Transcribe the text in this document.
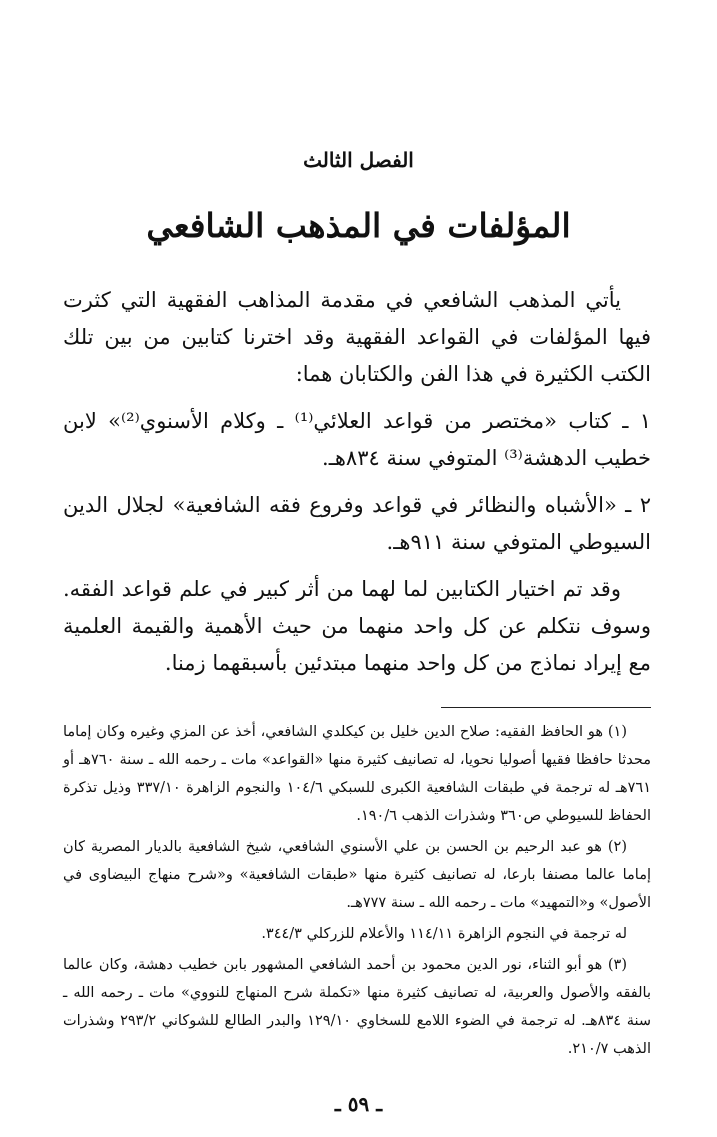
الفصل الثالث
المؤلفات في المذهب الشافعي

يأتي المذهب الشافعي في مقدمة المذاهب الفقهية التي كثرت فيها المؤلفات في القواعد الفقهية وقد اخترنا كتابين من بين تلك الكتب الكثيرة في هذا الفن والكتابان هما:

١ ـ كتاب «مختصر من قواعد العلائي⁽¹⁾ ـ وكلام الأسنوي⁽²⁾» لابن خطيب الدهشة⁽³⁾ المتوفي سنة ٨٣٤هـ.

٢ ـ «الأشباه والنظائر في قواعد وفروع فقه الشافعية» لجلال الدين السيوطي المتوفي سنة ٩١١هـ.

وقد تم اختيار الكتابين لما لهما من أثر كبير في علم قواعد الفقه. وسوف نتكلم عن كل واحد منهما من حيث الأهمية والقيمة العلمية مع إيراد نماذج من كل واحد منهما مبتدئين بأسبقهما زمنا.

(١) هو الحافظ الفقيه: صلاح الدين خليل بن كيكلدي الشافعي، أخذ عن المزي وغيره وكان إماما محدثا حافظا فقيها أصوليا نحويا، له تصانيف كثيرة منها «القواعد» مات ـ رحمه الله ـ سنة ٧٦٠هـ أو ٧٦١هـ له ترجمة في طبقات الشافعية الكبرى للسبكي ١٠٤/٦ والنجوم الزاهرة ٣٣٧/١٠ وذيل تذكرة الحفاظ للسيوطي ص٣٦٠ وشذرات الذهب ١٩٠/٦.

(٢) هو عبد الرحيم بن الحسن بن علي الأسنوي الشافعي، شيخ الشافعية بالديار المصرية كان إماما عالما مصنفا بارعا، له تصانيف كثيرة منها «طبقات الشافعية» و«شرح منهاج البيضاوى في الأصول» و«التمهيد» مات ـ رحمه الله ـ سنة ٧٧٧هـ.

له ترجمة في النجوم الزاهرة ١١٤/١١ والأعلام للزركلي ٣٤٤/٣.

(٣) هو أبو الثناء، نور الدين محمود بن أحمد الشافعي المشهور بابن خطيب دهشة، وكان عالما بالفقه والأصول والعربية، له تصانيف كثيرة منها «تكملة شرح المنهاج للنووي» مات ـ رحمه الله ـ سنة ٨٣٤هـ. له ترجمة في الضوء اللامع للسخاوي ١٢٩/١٠ والبدر الطالع للشوكاني ٢٩٣/٢ وشذرات الذهب ٢١٠/٧.

ـ ٥٩ ـ
